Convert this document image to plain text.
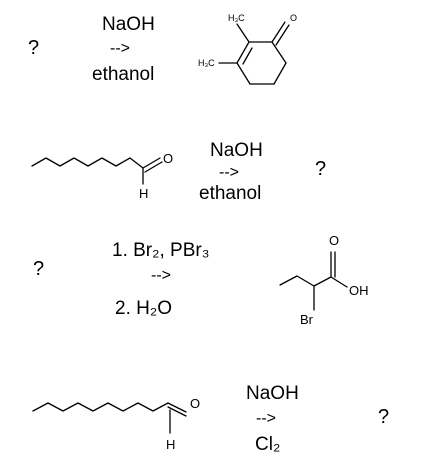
?
NaOH
-->
ethanol
H₃C
H₃C
O
NaOH
-->
ethanol
?
O
H
?
1. Br₂, PBr₃
-->
2. H₂O
O
OH
Br
NaOH
-->
Cl₂
?
O
H
